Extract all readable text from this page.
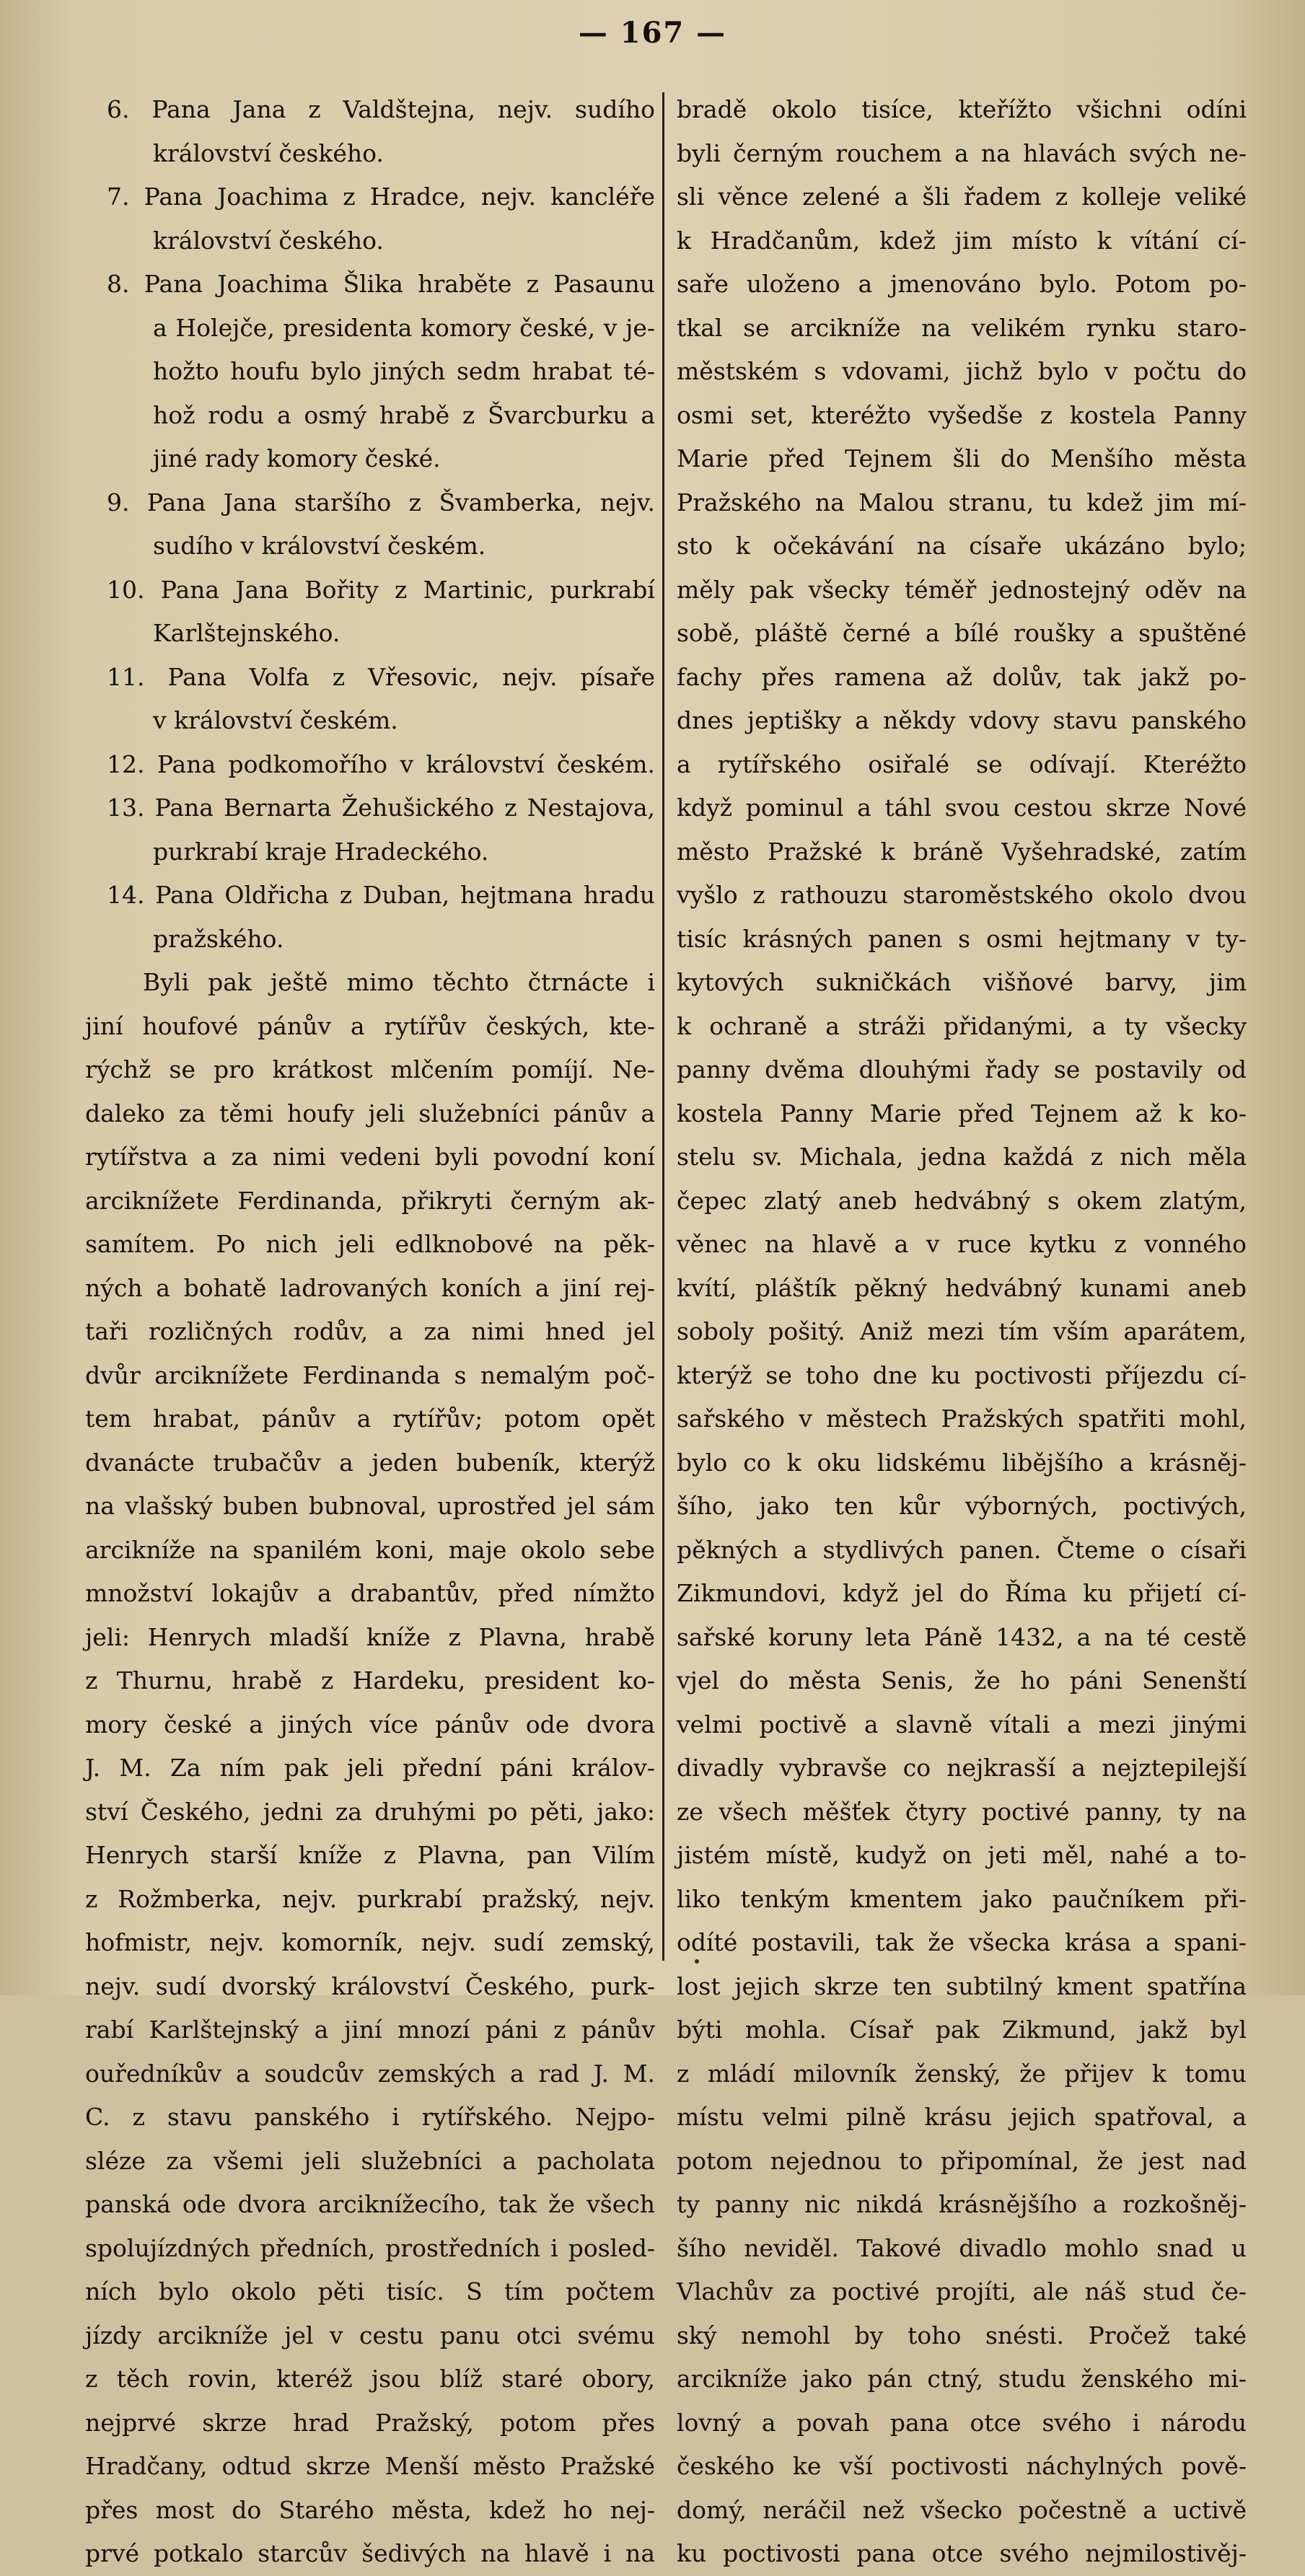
— 167 —
6. Pana Jana z Valdštejna, nejv. sudího
království českého.
7. Pana Joachima z Hradce, nejv. kancléře
království českého.
8. Pana Joachima Šlika hraběte z Pasaunu
a Holejče, presidenta komory české, v je-
hožto houfu bylo jiných sedm hrabat té-
hož rodu a osmý hrabě z Švarcburku a
jiné rady komory české.
9. Pana Jana staršího z Švamberka, nejv.
sudího v království českém.
10. Pana Jana Bořity z Martinic, purkrabí
Karlštejnského.
11. Pana Volfa z Vřesovic, nejv. písaře
v království českém.
12. Pana podkomořího v království českém.
13. Pana Bernarta Žehušického z Nestajova,
purkrabí kraje Hradeckého.
14. Pana Oldřicha z Duban, hejtmana hradu
pražského.
Byli pak ještě mimo těchto čtrnácte i
jiní houfové pánův a rytířův českých, kte-
rýchž se pro krátkost mlčením pomíjí. Ne-
daleko za těmi houfy jeli služebníci pánův a
rytířstva a za nimi vedeni byli povodní koní
arciknížete Ferdinanda, přikryti černým ak-
samítem. Po nich jeli edlknobové na pěk-
ných a bohatě ladrovaných koních a jiní rej-
taři rozličných rodův, a za nimi hned jel
dvůr arciknížete Ferdinanda s nemalým poč-
tem hrabat, pánův a rytířův; potom opět
dvanácte trubačův a jeden bubeník, kterýž
na vlašský buben bubnoval, uprostřed jel sám
arcikníže na spanilém koni, maje okolo sebe
množství lokajův a drabantův, před nímžto
jeli: Henrych mladší kníže z Plavna, hrabě
z Thurnu, hrabě z Hardeku, president ko-
mory české a jiných více pánův ode dvora
J. M. Za ním pak jeli přední páni králov-
ství Českého, jedni za druhými po pěti, jako:
Henrych starší kníže z Plavna, pan Vilím
z Rožmberka, nejv. purkrabí pražský, nejv.
hofmistr, nejv. komorník, nejv. sudí zemský,
nejv. sudí dvorský království Českého, purk-
rabí Karlštejnský a jiní mnozí páni z pánův
ouředníkův a soudcův zemských a rad J. M.
C. z stavu panského i rytířského. Nejpo-
sléze za všemi jeli služebníci a pacholata
panská ode dvora arciknížecího, tak že všech
spolujízdných předních, prostředních i posled-
ních bylo okolo pěti tisíc. S tím počtem
jízdy arcikníže jel v cestu panu otci svému
z těch rovin, kteréž jsou blíž staré obory,
nejprvé skrze hrad Pražský, potom přes
Hradčany, odtud skrze Menší město Pražské
přes most do Starého města, kdež ho nej-
prvé potkalo starcův šedivých na hlavě i na
bradě okolo tisíce, kteřížto všichni odíni
byli černým rouchem a na hlavách svých ne-
sli věnce zelené a šli řadem z kolleje veliké
k Hradčanům, kdež jim místo k vítání cí-
saře uloženo a jmenováno bylo. Potom po-
tkal se arcikníže na velikém rynku staro-
městském s vdovami, jichž bylo v počtu do
osmi set, kteréžto vyšedše z kostela Panny
Marie před Tejnem šli do Menšího města
Pražského na Malou stranu, tu kdež jim mí-
sto k očekávání na císaře ukázáno bylo;
měly pak všecky téměř jednostejný oděv na
sobě, pláště černé a bílé roušky a spuštěné
fachy přes ramena až dolův, tak jakž po-
dnes jeptišky a někdy vdovy stavu panského
a rytířského osiřalé se odívají. Kteréžto
když pominul a táhl svou cestou skrze Nové
město Pražské k bráně Vyšehradské, zatím
vyšlo z rathouzu staroměstského okolo dvou
tisíc krásných panen s osmi hejtmany v ty-
kytových sukničkách višňové barvy, jim
k ochraně a stráži přidanými, a ty všecky
panny dvěma dlouhými řady se postavily od
kostela Panny Marie před Tejnem až k ko-
stelu sv. Michala, jedna každá z nich měla
čepec zlatý aneb hedvábný s okem zlatým,
věnec na hlavě a v ruce kytku z vonného
kvítí, pláštík pěkný hedvábný kunami aneb
soboly pošitý. Aniž mezi tím vším aparátem,
kterýž se toho dne ku poctivosti příjezdu cí-
sařského v městech Pražských spatřiti mohl,
bylo co k oku lidskému libějšího a krásněj-
šího, jako ten kůr výborných, poctivých,
pěkných a stydlivých panen. Čteme o císaři
Zikmundovi, když jel do Říma ku přijetí cí-
sařské koruny leta Páně 1432, a na té cestě
vjel do města Senis, že ho páni Senenští
velmi poctivě a slavně vítali a mezi jinými
divadly vybravše co nejkrasší a nejztepilejší
ze všech měšťek čtyry poctivé panny, ty na
jistém místě, kudyž on jeti měl, nahé a to-
liko tenkým kmentem jako paučníkem při-
odíté postavili, tak že všecka krása a spani-
lost jejich skrze ten subtilný kment spatřína
býti mohla. Císař pak Zikmund, jakž byl
z mládí milovník ženský, že přijev k tomu
místu velmi pilně krásu jejich spatřoval, a
potom nejednou to připomínal, že jest nad
ty panny nic nikdá krásnějšího a rozkošněj-
šího neviděl. Takové divadlo mohlo snad u
Vlachův za poctivé projíti, ale náš stud če-
ský nemohl by toho snésti. Pročež také
arcikníže jako pán ctný, studu ženského mi-
lovný a povah pana otce svého i národu
českého ke vší poctivosti náchylných pově-
domý, neráčil než všecko počestně a uctivě
ku poctivosti pana otce svého nejmilostivěj-
